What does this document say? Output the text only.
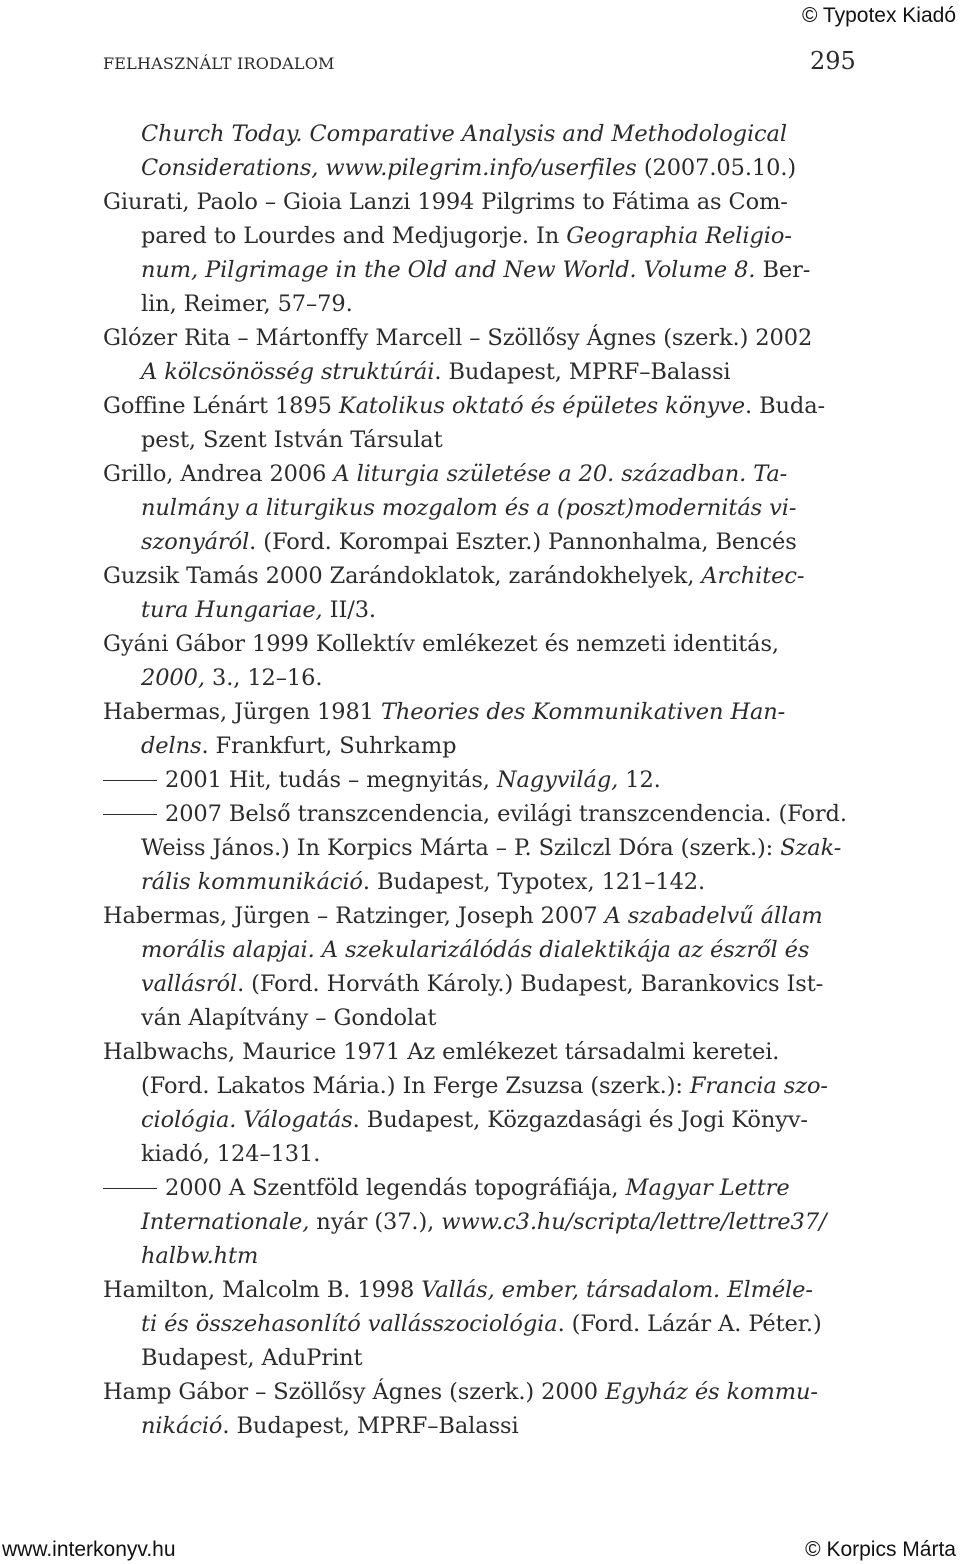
© Typotex Kiadó
FELHASZNÁLT IRODALOM	295
Church Today. Comparative Analysis and Methodological
Considerations, www.pilegrim.info/userfiles (2007.05.10.)
Giurati, Paolo – Gioia Lanzi 1994 Pilgrims to Fátima as Com-
pared to Lourdes and Medjugorje. In Geographia Religio-
num, Pilgrimage in the Old and New World. Volume 8. Ber-
lin, Reimer, 57–79.
Glózer Rita – Mártonffy Marcell – Szöllősy Ágnes (szerk.) 2002
A kölcsönösség struktúrái. Budapest, MPRF–Balassi
Goffine Lénárt 1895 Katolikus oktató és épületes könyve. Buda-
pest, Szent István Társulat
Grillo, Andrea 2006 A liturgia születése a 20. században. Ta-
nulmány a liturgikus mozgalom és a (poszt)modernitás vi-
szonyáról. (Ford. Korompai Eszter.) Pannonhalma, Bencés
Guzsik Tamás 2000 Zarándoklatok, zarándokhelyek, Architec-
tura Hungariae, II/3.
Gyáni Gábor 1999 Kollektív emlékezet és nemzeti identitás,
2000, 3., 12–16.
Habermas, Jürgen 1981 Theories des Kommunikativen Han-
delns. Frankfurt, Suhrkamp
2001 Hit, tudás – megnyitás, Nagyvilág, 12.
2007 Belső transzcendencia, evilági transzcendencia. (Ford.
Weiss János.) In Korpics Márta – P. Szilczl Dóra (szerk.): Szak-
rális kommunikáció. Budapest, Typotex, 121–142.
Habermas, Jürgen – Ratzinger, Joseph 2007 A szabadelvű állam
morális alapjai. A szekularizálódás dialektikája az észről és
vallásról. (Ford. Horváth Károly.) Budapest, Barankovics Ist-
ván Alapítvány – Gondolat
Halbwachs, Maurice 1971 Az emlékezet társadalmi keretei.
(Ford. Lakatos Mária.) In Ferge Zsuzsa (szerk.): Francia szo-
ciológia. Válogatás. Budapest, Közgazdasági és Jogi Könyv-
kiadó, 124–131.
2000 A Szentföld legendás topográfiája, Magyar Lettre
Internationale, nyár (37.), www.c3.hu/scripta/lettre/lettre37/
halbw.htm
Hamilton, Malcolm B. 1998 Vallás, ember, társadalom. Elméle-
ti és összehasonlító vallásszociológia. (Ford. Lázár A. Péter.)
Budapest, AduPrint
Hamp Gábor – Szöllősy Ágnes (szerk.) 2000 Egyház és kommu-
nikáció. Budapest, MPRF–Balassi
www.interkonyv.hu	© Korpics Márta
